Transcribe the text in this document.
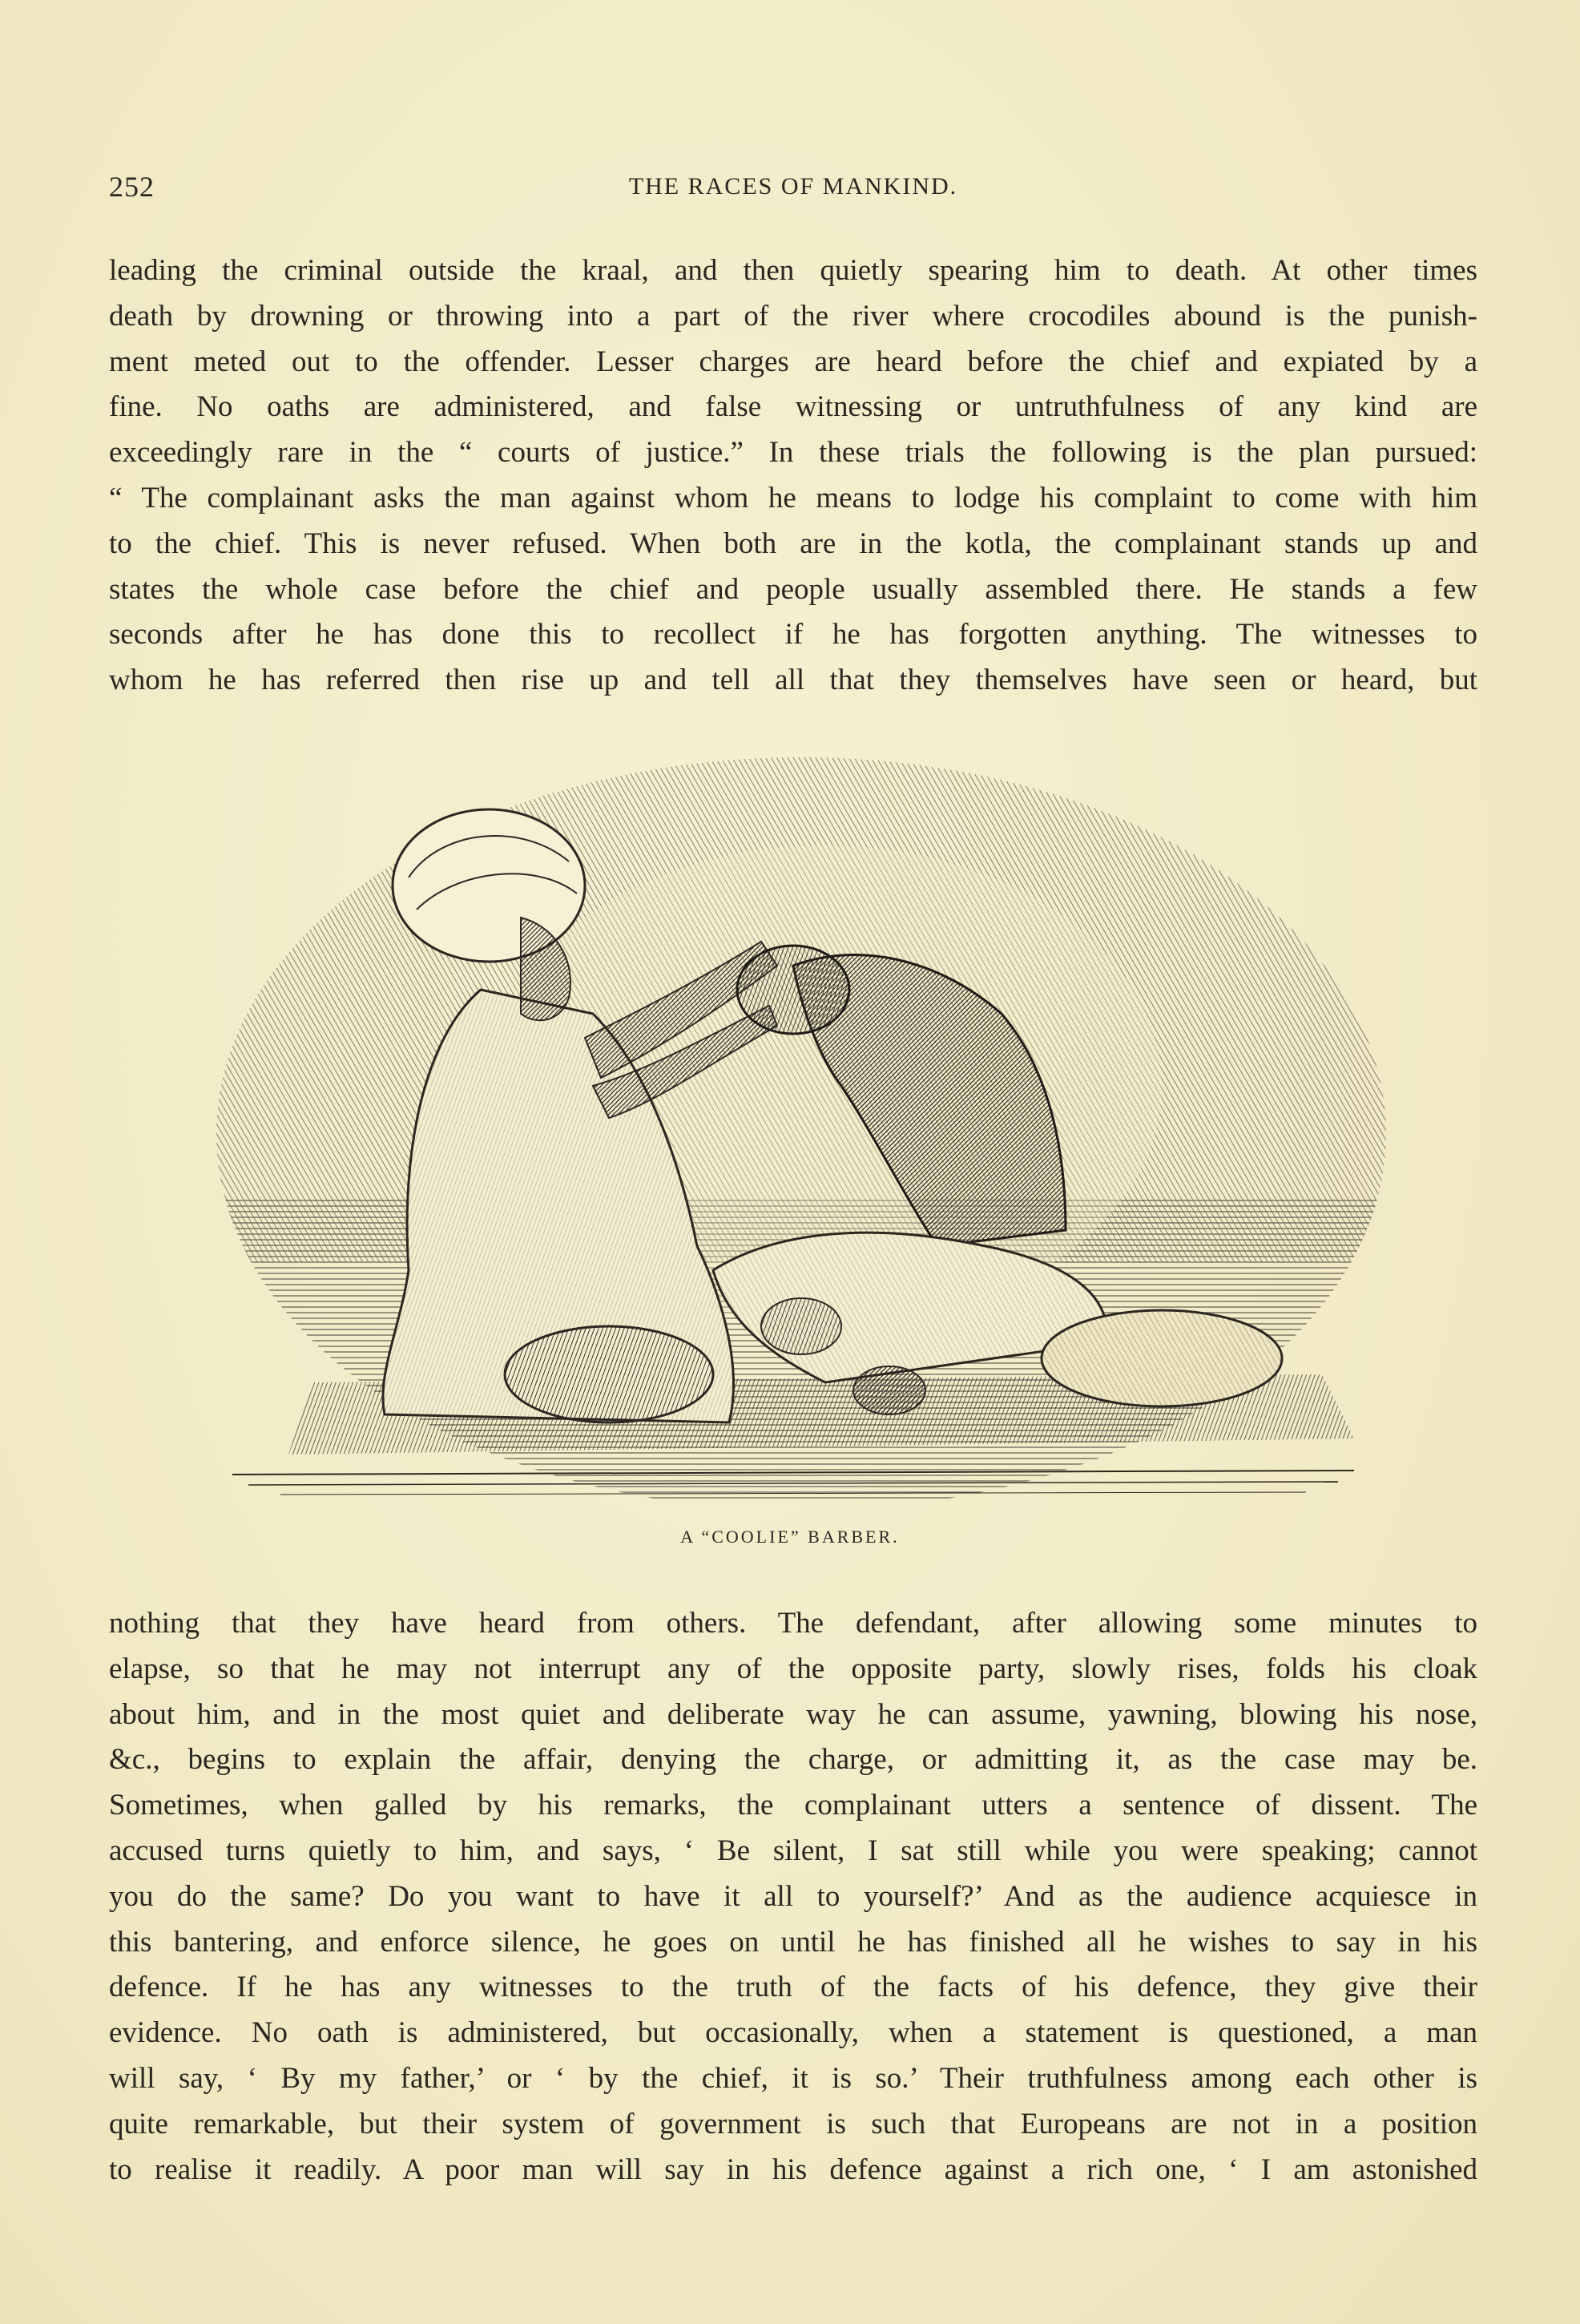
252	THE RACES OF MANKIND.
leading the criminal outside the kraal, and then quietly spearing him to death. At other times
death by drowning or throwing into a part of the river where crocodiles abound is the punish-
ment meted out to the offender. Lesser charges are heard before the chief and expiated by a
fine. No oaths are administered, and false witnessing or untruthfulness of any kind are
exceedingly rare in the “ courts of justice.” In these trials the following is the plan pursued:
“ The complainant asks the man against whom he means to lodge his complaint to come with him
to the chief. This is never refused. When both are in the kotla, the complainant stands up and
states the whole case before the chief and people usually assembled there. He stands a few
seconds after he has done this to recollect if he has forgotten anything. The witnesses to
whom he has referred then rise up and tell all that they themselves have seen or heard, but
A “COOLIE” BARBER.
nothing that they have heard from others. The defendant, after allowing some minutes to
elapse, so that he may not interrupt any of the opposite party, slowly rises, folds his cloak
about him, and in the most quiet and deliberate way he can assume, yawning, blowing his nose,
&c., begins to explain the affair, denying the charge, or admitting it, as the case may be.
Sometimes, when galled by his remarks, the complainant utters a sentence of dissent. The
accused turns quietly to him, and says, ‘ Be silent, I sat still while you were speaking; cannot
you do the same? Do you want to have it all to yourself?’ And as the audience acquiesce in
this bantering, and enforce silence, he goes on until he has finished all he wishes to say in his
defence. If he has any witnesses to the truth of the facts of his defence, they give their
evidence. No oath is administered, but occasionally, when a statement is questioned, a man
will say, ‘ By my father,’ or ‘ by the chief, it is so.’ Their truthfulness among each other is
quite remarkable, but their system of government is such that Europeans are not in a position
to realise it readily. A poor man will say in his defence against a rich one, ‘ I am astonished
